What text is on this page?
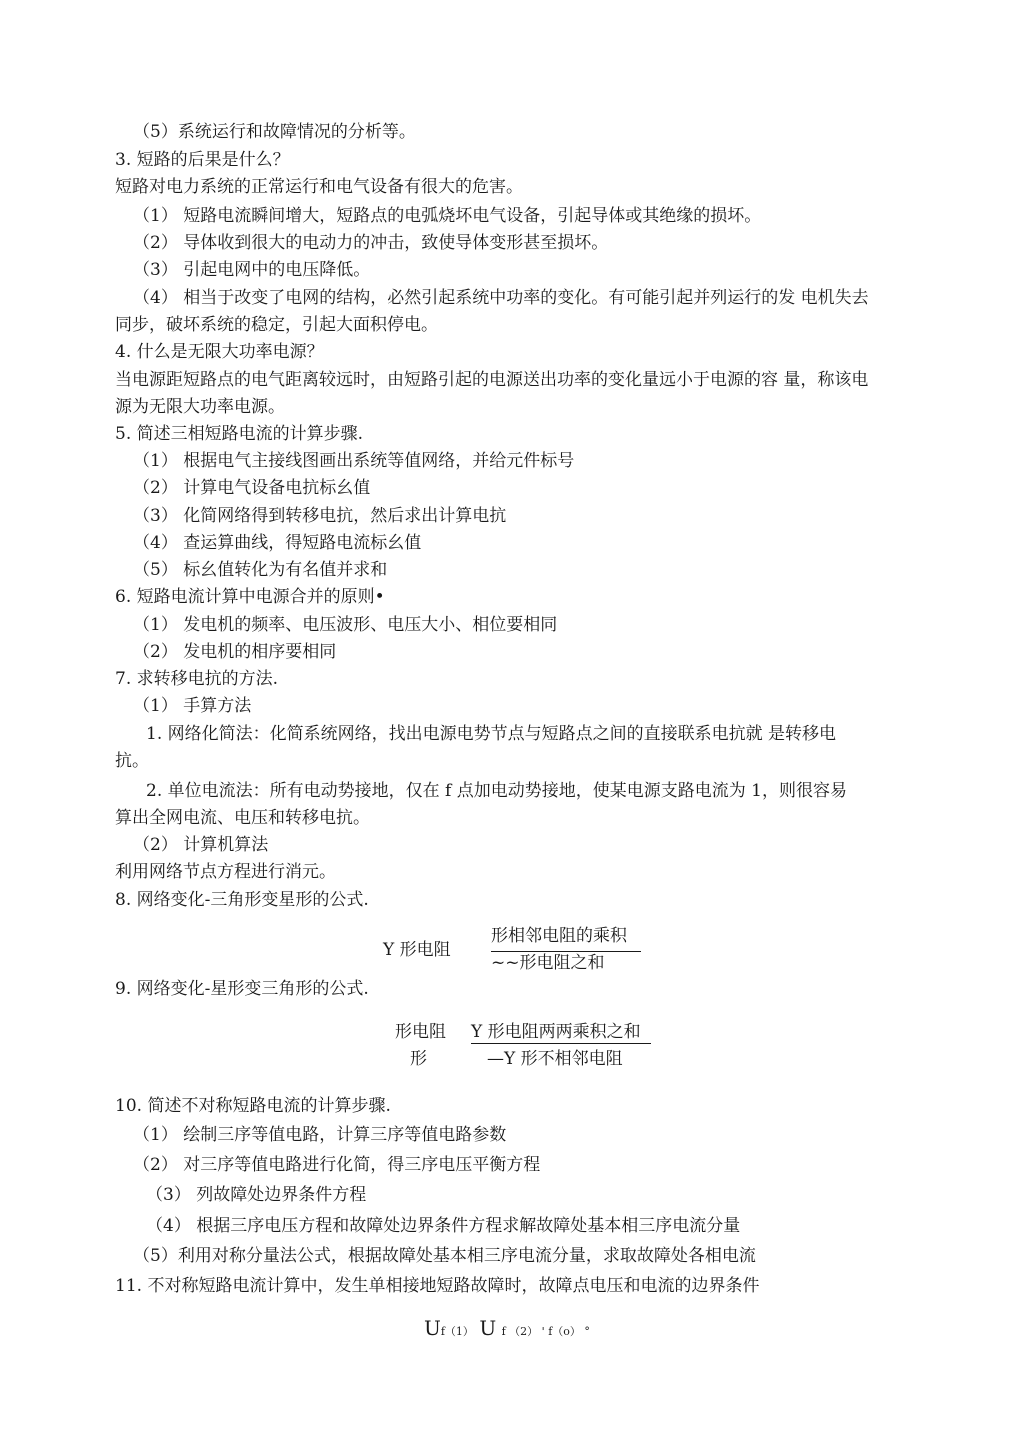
（5）系统运行和故障情况的分析等。
3. 短路的后果是什么？
短路对电力系统的正常运行和电气设备有很大的危害。
（1） 短路电流瞬间增大，短路点的电弧烧坏电气设备，引起导体或其绝缘的损坏。
（2） 导体收到很大的电动力的冲击，致使导体变形甚至损坏。
（3） 引起电网中的电压降低。
（4） 相当于改变了电网的结构，必然引起系统中功率的变化。有可能引起并列运行的发 电机失去
同步，破坏系统的稳定，引起大面积停电。
4. 什么是无限大功率电源？
当电源距短路点的电气距离较远时，由短路引起的电源送出功率的变化量远小于电源的容 量，称该电
源为无限大功率电源。
5. 简述三相短路电流的计算步骤.
（1） 根据电气主接线图画出系统等值网络，并给元件标号
（2） 计算电气设备电抗标幺值
（3） 化简网络得到转移电抗，然后求出计算电抗
（4） 查运算曲线，得短路电流标幺值
（5） 标幺值转化为有名值并求和
6. 短路电流计算中电源合并的原则•
（1） 发电机的频率、电压波形、电压大小、相位要相同
（2） 发电机的相序要相同
7. 求转移电抗的方法.
（1） 手算方法
1. 网络化简法：化简系统网络，找出电源电势节点与短路点之间的直接联系电抗就 是转移电
抗。
2. 单位电流法：所有电动势接地，仅在 f 点加电动势接地，使某电源支路电流为 1，则很容易
算出全网电流、电压和转移电抗。
（2） 计算机算法
利用网络节点方程进行消元。
8. 网络变化-三角形变星形的公式.
Y 形电阻
形相邻电阻的乘积
~~形电阻之和
9. 网络变化-星形变三角形的公式.
形电阻
形
Y 形电阻两两乘积之和
—Y 形不相邻电阻
10. 简述不对称短路电流的计算步骤.
（1） 绘制三序等值电路，计算三序等值电路参数
（2） 对三序等值电路进行化简，得三序电压平衡方程
（3） 列故障处边界条件方程
（4） 根据三序电压方程和故障处边界条件方程求解故障处基本相三序电流分量
（5）利用对称分量法公式，根据故障处基本相三序电流分量，求取故障处各相电流
11. 不对称短路电流计算中，发生单相接地短路故障时，故障点电压和电流的边界条件
Uf（1） U f （2） ' f（o） °
